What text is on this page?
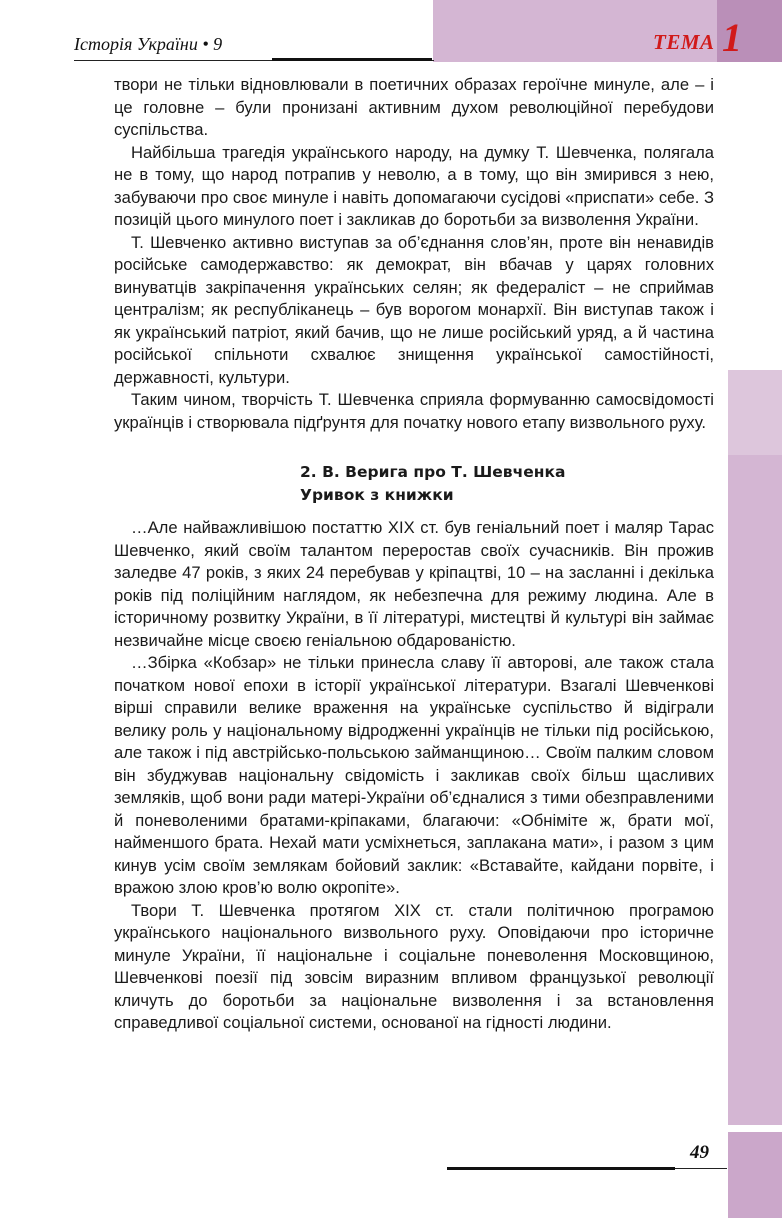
Історія України • 9	ТЕМА 1

твори не тільки відновлювали в поетичних образах героїчне минуле, але – і це головне – були пронизані активним духом революційної перебудови суспільства.

Найбільша трагедія українського народу, на думку Т. Шевченка, полягала не в тому, що народ потрапив у неволю, а в тому, що він змирився з нею, забуваючи про своє минуле і навіть допомагаючи сусідові «приспати» себе. З позицій цього минулого поет і закликав до боротьби за визволення України.

Т. Шевченко активно виступав за об’єднання слов’ян, проте він ненавидів російське самодержавство: як демократ, він вбачав у царях головних винуватців закріпачення українських селян; як федераліст – не сприймав централізм; як республіканець – був ворогом монархії. Він виступав також і як український патріот, який бачив, що не лише російський уряд, а й частина російської спільноти схвалює знищення української самостійності, державності, культури.

Таким чином, творчість Т. Шевченка сприяла формуванню самосвідомості українців і створювала підґрунтя для початку нового етапу визвольного руху.

2. В. Верига про Т. Шевченка
Уривок з книжки

…Але найважливішою постаттю XIX ст. був геніальний поет і маляр Тарас Шевченко, який своїм талантом переростав своїх сучасників. Він прожив заледве 47 років, з яких 24 перебував у кріпацтві, 10 – на засланні і декілька років під поліційним наглядом, як небезпечна для режиму людина. Але в історичному розвитку України, в її літературі, мистецтві й культурі він займає незвичайне місце своєю геніальною обдарованістю.

…Збірка «Кобзар» не тільки принесла славу її авторові, але також стала початком нової епохи в історії української літератури. Взагалі Шевченкові вірші справили велике враження на українське суспільство й відіграли велику роль у національному відродженні українців не тільки під російською, але також і під австрійсько-польською займанщиною… Своїм палким словом він збуджував національну свідомість і закликав своїх більш щасливих земляків, щоб вони ради матері-України об’єдналися з тими обезправленими й поневоленими братами-кріпаками, благаючи: «Обніміте ж, брати мої, найменшого брата. Нехай мати усміхнеться, заплакана мати», і разом з цим кинув усім своїм землякам бойовий заклик: «Вставайте, кайдани порвіте, і вражою злою кров’ю волю окропіте».

Твори Т. Шевченка протягом XIX ст. стали політичною програмою українського національного визвольного руху. Оповідаючи про історичне минуле України, її національне і соціальне поневолення Московщиною, Шевченкові поезії під зовсім виразним впливом французької революції кличуть до боротьби за національне визволення і за встановлення справедливої соціальної системи, основаної на гідності людини.

49
